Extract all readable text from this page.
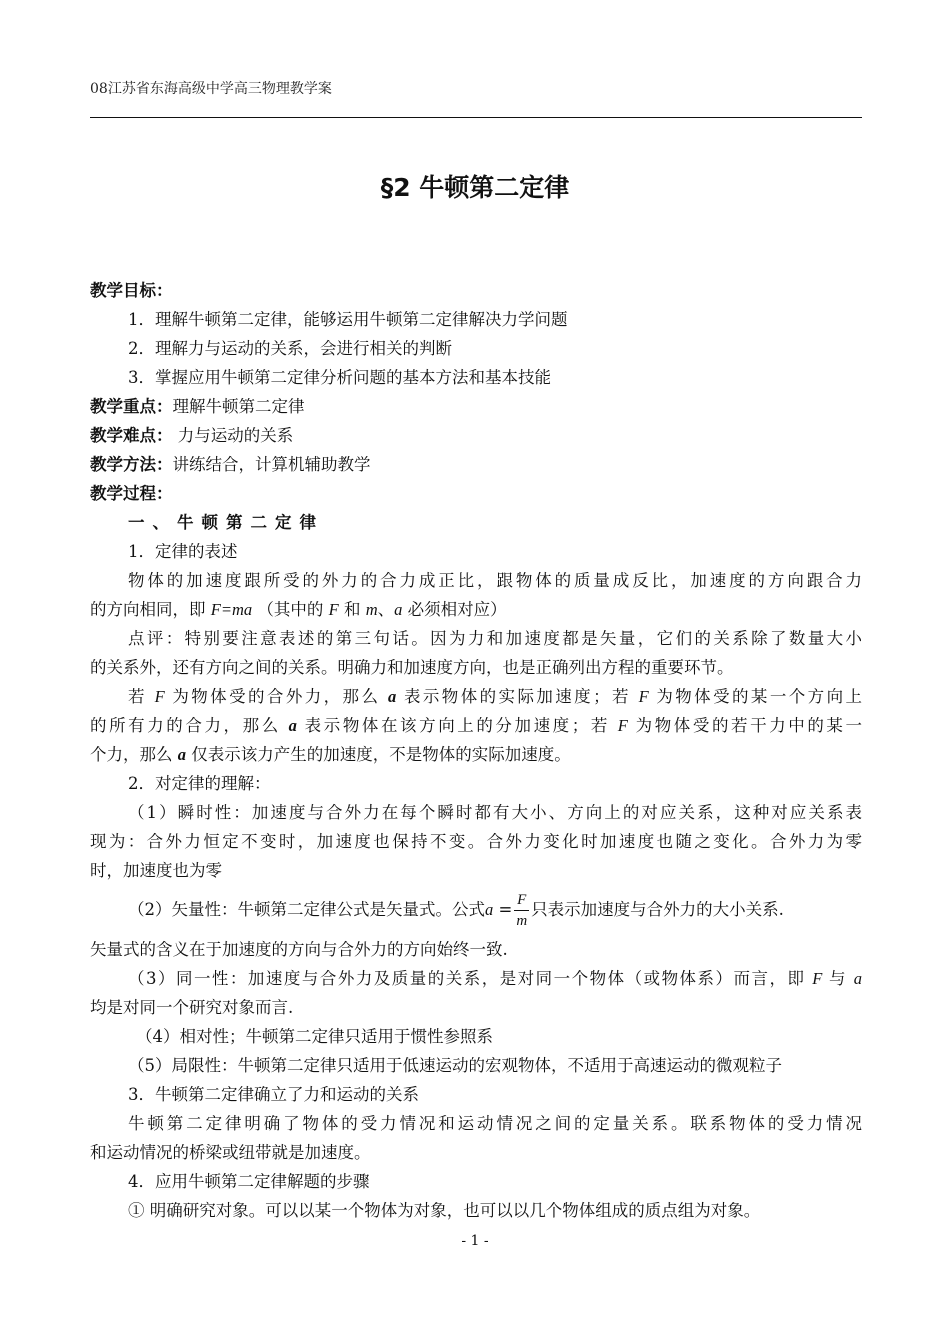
08江苏省东海高级中学高三物理教学案
§2 牛顿第二定律

教学目标：

1．理解牛顿第二定律，能够运用牛顿第二定律解决力学问题

2．理解力与运动的关系，会进行相关的判断

3．掌握应用牛顿第二定律分析问题的基本方法和基本技能

教学重点：理解牛顿第二定律

教学难点： 力与运动的关系

教学方法：讲练结合，计算机辅助教学

教学过程：

一、牛顿第二定律

1．定律的表述

物体的加速度跟所受的外力的合力成正比，跟物体的质量成反比，加速度的方向跟合力

的方向相同，即 F=ma （其中的 F 和 m、a 必须相对应）

点评：特别要注意表述的第三句话。因为力和加速度都是矢量，它们的关系除了数量大小

的关系外，还有方向之间的关系。明确力和加速度方向，也是正确列出方程的重要环节。

若 F 为物体受的合外力，那么 a 表示物体的实际加速度；若 F 为物体受的某一个方向上

的所有力的合力，那么 a 表示物体在该方向上的分加速度；若 F 为物体受的若干力中的某一

个力，那么 a 仅表示该力产生的加速度，不是物体的实际加速度。

2．对定律的理解：

（1）瞬时性：加速度与合外力在每个瞬时都有大小、方向上的对应关系，这种对应关系表

现为：合外力恒定不变时，加速度也保持不变。合外力变化时加速度也随之变化。合外力为零

时，加速度也为零

（2）矢量性：牛顿第二定律公式是矢量式。公式$a = \frac{F}{m}$ 只表示加速度与合外力的大小关系.

矢量式的含义在于加速度的方向与合外力的方向始终一致.

（3）同一性：加速度与合外力及质量的关系，是对同一个物体（或物体系）而言，即 F 与 a

均是对同一个研究对象而言.

（4）相对性；牛顿第二定律只适用于惯性参照系

（5）局限性：牛顿第二定律只适用于低速运动的宏观物体，不适用于高速运动的微观粒子

3．牛顿第二定律确立了力和运动的关系

牛顿第二定律明确了物体的受力情况和运动情况之间的定量关系。联系物体的受力情况

和运动情况的桥梁或纽带就是加速度。

4．应用牛顿第二定律解题的步骤

① 明确研究对象。可以以某一个物体为对象，也可以以几个物体组成的质点组为对象。

- 1 -
